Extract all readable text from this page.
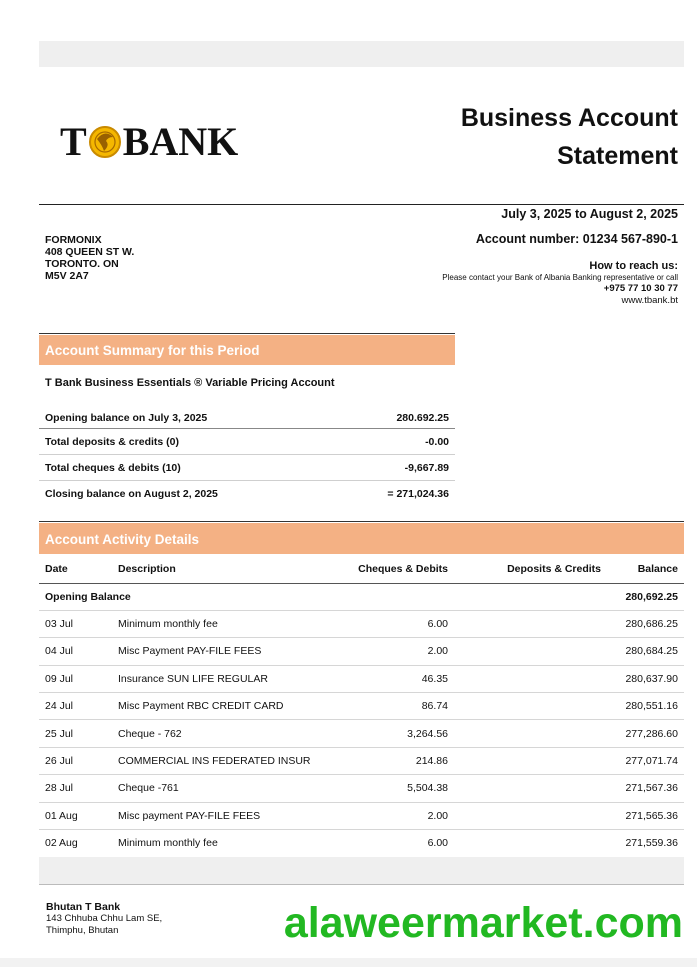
T BANK
Business Account
Statement
July 3, 2025 to August 2, 2025
Account number: 01234 567-890-1
How to reach us:
Please contact your Bank of Albania Banking representative or call
+975 77 10 30 77
www.tbank.bt
FORMONIX
408 QUEEN ST W.
TORONTO. ON
M5V 2A7
Account Summary for this Period
T Bank Business Essentials ® Variable Pricing Account
Opening balance on July 3, 2025	280.692.25
Total deposits & credits (0)	-0.00
Total cheques & debits (10)	-9,667.89
Closing balance on August 2, 2025	= 271,024.36
Account Activity Details
Date	Description	Cheques & Debits	Deposits & Credits	Balance
Opening Balance				280,692.25
03 Jul	Minimum monthly fee	6.00		280,686.25
04 Jul	Misc Payment PAY-FILE FEES	2.00		280,684.25
09 Jul	Insurance SUN LIFE REGULAR	46.35		280,637.90
24 Jul	Misc Payment RBC CREDIT CARD	86.74		280,551.16
25 Jul	Cheque - 762	3,264.56		277,286.60
26 Jul	COMMERCIAL INS FEDERATED INSUR	214.86		277,071.74
28 Jul	Cheque -761	5,504.38		271,567.36
01 Aug	Misc payment PAY-FILE FEES	2.00		271,565.36
02 Aug	Minimum monthly fee	6.00		271,559.36
Bhutan T Bank
143 Chhuba Chhu Lam SE,
Thimphu, Bhutan	alaweermarket.com
